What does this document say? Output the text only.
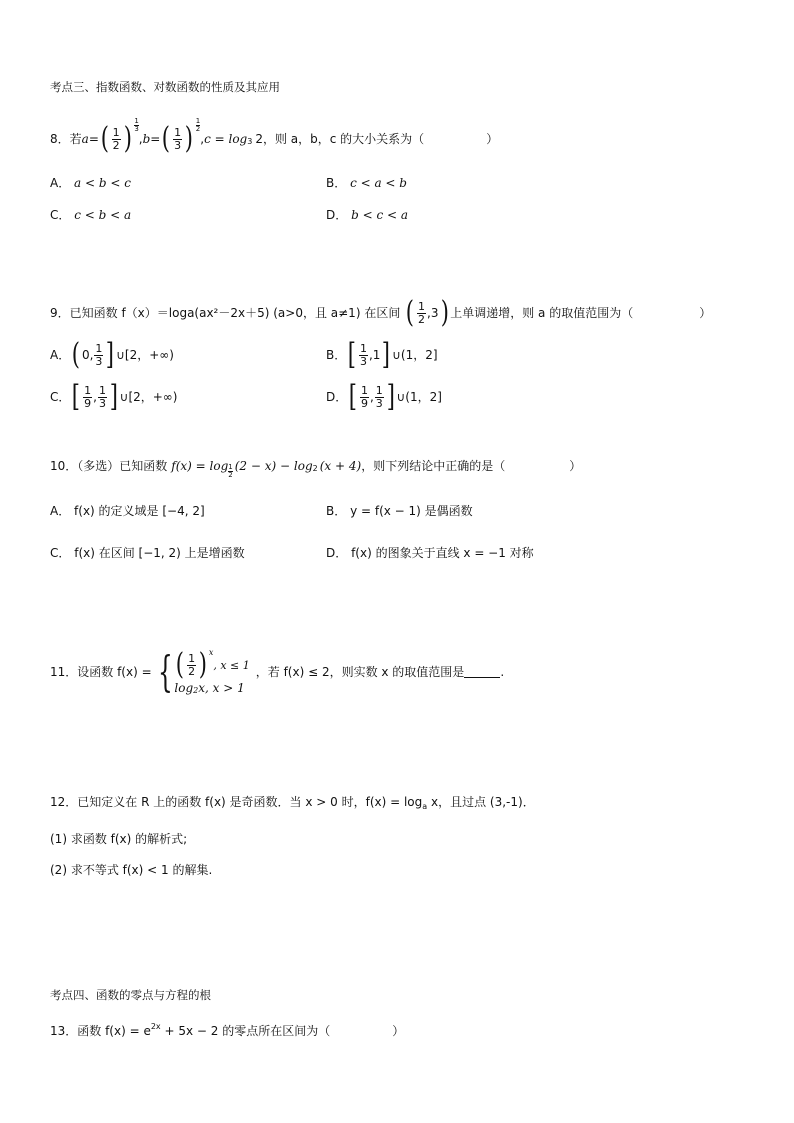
考点三、指数函数、对数函数的性质及其应用
8． 若 a = ( $\frac{1}{2}$ ) $\frac{1}{3}$
, b = ( $\frac{1}{3}$ ) $\frac{1}{2}$
, c = log 3 2 ，则 a，b，c 的大小关系为（	）
A． a < b < c	B． c < a < b
C． c < b < a	D． b < c < a
9．已知函数 f（x）＝loga(ax²－2x＋5) (a>0，且 a≠1) 在区间 ( $\frac{1}{2} ,3$ ) 上单调递增，则 a 的取值范围为（	）
A． ( 0, $\frac{1}{3}$ ] ∪[2，+∞)	B． [ $\frac{1}{3} ,1$ ] ∪(1，2]
C． [ $\frac{1}{9}$ , $\frac{1}{3}$ ] ∪[2，+∞)	D． [ $\frac{1}{9}$ , $\frac{1}{3}$ ] ∪(1，2]
10．（多选）已知函数 f(x) = log 1
2
(2 − x) − log 2 (x + 4) ，则下列结论中正确的是（	）
A． f(x) 的定义域是 [−4, 2]	B． y = f(x − 1) 是偶函数
C． f(x) 在区间 [−1, 2) 上是增函数	D． f(x) 的图象关于直线 x = −1 对称
11．设函数 f(x) = { ( $\frac{1}{2}$ ) x
, x ≤ 1
log 2 x, x > 1
，若 f(x) ≤ 2，则实数 x 的取值范围是	.
12．已知定义在 R 上的函数 f(x) 是奇函数．当 x > 0 时，$f(x) = \log_a x$，且过点 (3,-1)．
(1) 求函数 f(x) 的解析式;
(2) 求不等式 f(x) < 1 的解集.
考点四、函数的零点与方程的根
13．函数 $f(x) = e^{2x} + 5x - 2$ 的零点所在区间为（	）
